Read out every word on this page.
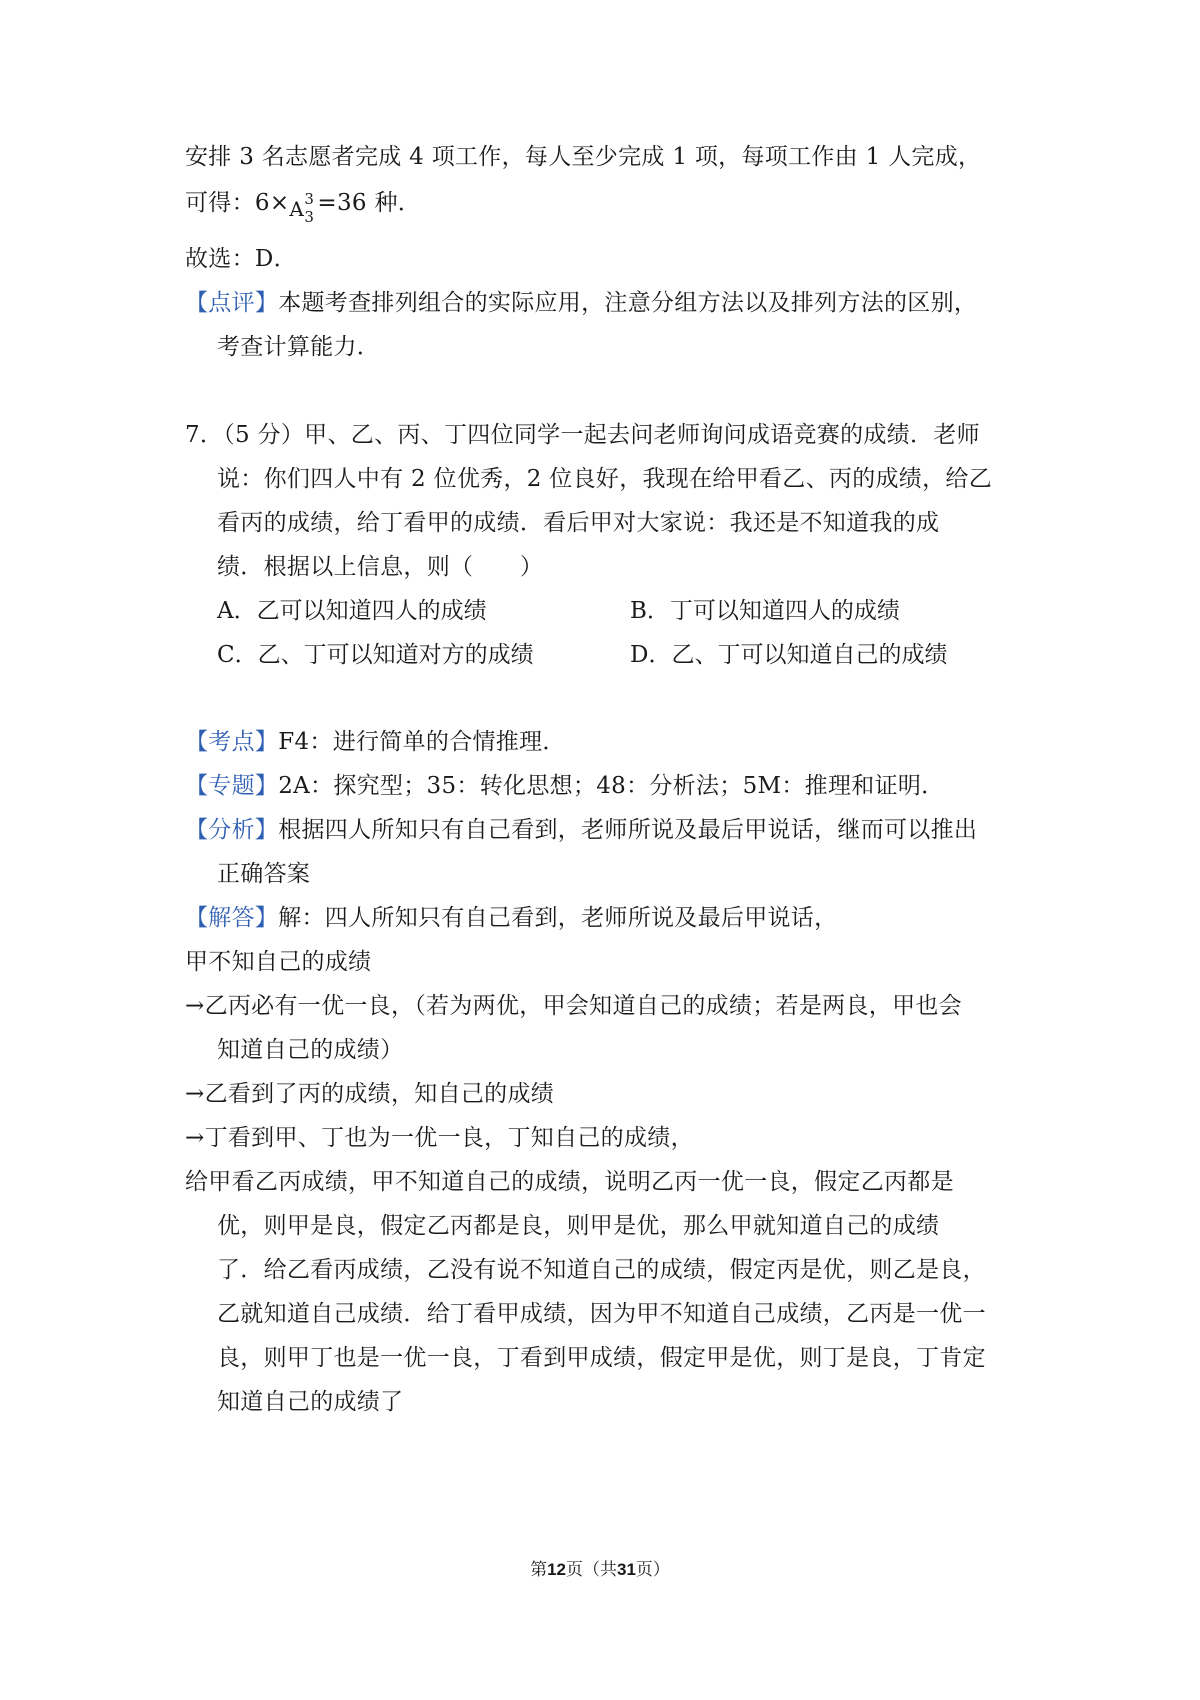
安排 3 名志愿者完成 4 项工作，每人至少完成 1 项，每项工作由 1 人完成，
可得：6× A 3
3
=36 种．
故选：D．
【点评】本题考查排列组合的实际应用，注意分组方法以及排列方法的区别，
考查计算能力．
7．（5 分）甲、乙、丙、丁四位同学一起去问老师询问成语竞赛的成绩．老师
说：你们四人中有 2 位优秀，2 位良好，我现在给甲看乙、丙的成绩，给乙
看丙的成绩，给丁看甲的成绩．看后甲对大家说：我还是不知道我的成
绩．根据以上信息，则（　　）
A．乙可以知道四人的成绩	B．丁可以知道四人的成绩
C．乙、丁可以知道对方的成绩	D．乙、丁可以知道自己的成绩
【考点】F4：进行简单的合情推理．
【专题】2A：探究型；35：转化思想；48：分析法；5M：推理和证明．
【分析】根据四人所知只有自己看到，老师所说及最后甲说话，继而可以推出
正确答案
【解答】解：四人所知只有自己看到，老师所说及最后甲说话，
甲不知自己的成绩
→乙丙必有一优一良，（若为两优，甲会知道自己的成绩；若是两良，甲也会
知道自己的成绩）
→乙看到了丙的成绩，知自己的成绩
→丁看到甲、丁也为一优一良，丁知自己的成绩，
给甲看乙丙成绩，甲不知道自己的成绩，说明乙丙一优一良，假定乙丙都是
优，则甲是良，假定乙丙都是良，则甲是优，那么甲就知道自己的成绩
了．给乙看丙成绩，乙没有说不知道自己的成绩，假定丙是优，则乙是良，
乙就知道自己成绩．给丁看甲成绩，因为甲不知道自己成绩，乙丙是一优一
良，则甲丁也是一优一良，丁看到甲成绩，假定甲是优，则丁是良，丁肯定
知道自己的成绩了
第12页（共31页）
